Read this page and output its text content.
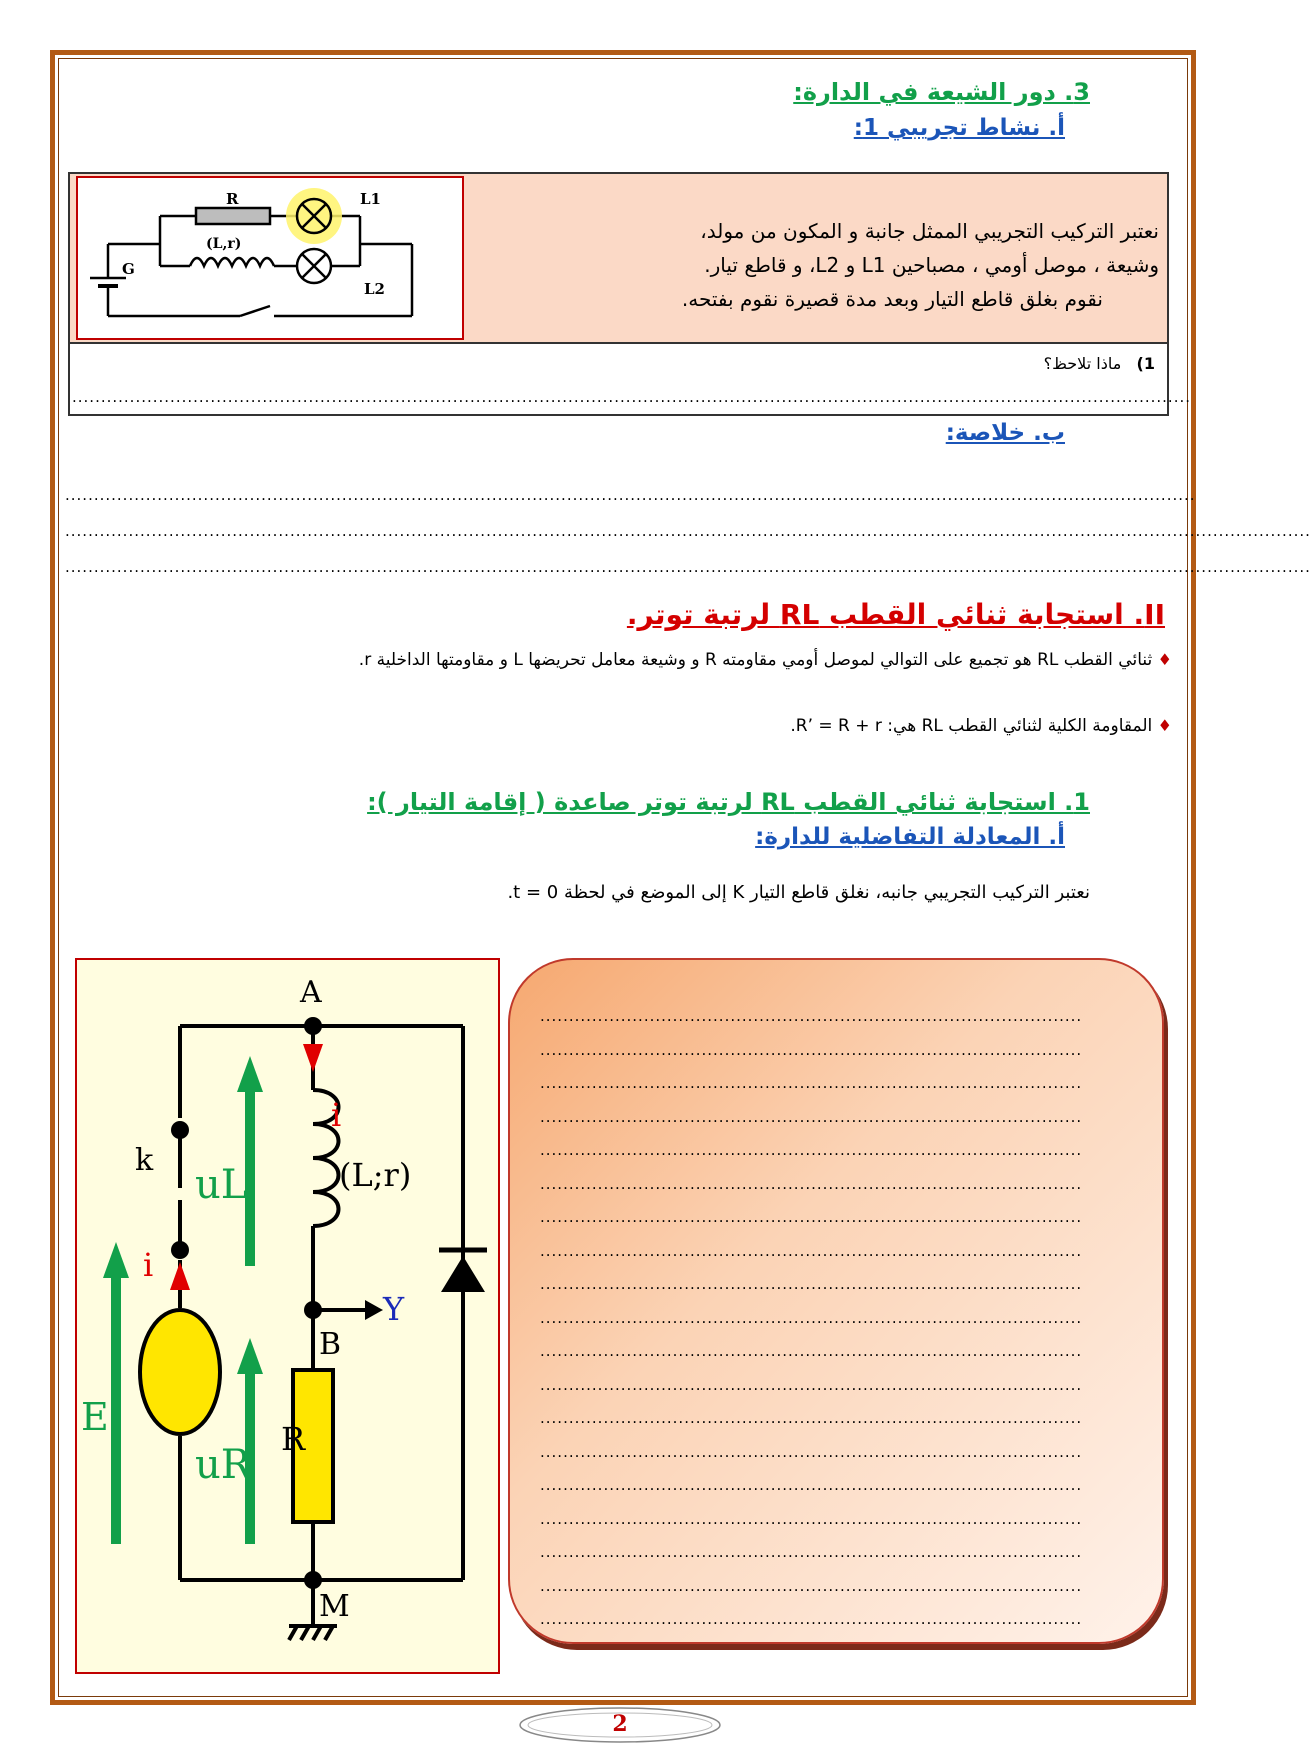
3. دور الشيعة في الدارة:
أ. نشاط تجريبي 1:
R	L1
(L,r)
L2
G
نعتبر التركيب التجريبي الممثل جانبة و المكون من مولد،
وشيعة ، موصل أومي ، مصباحين L1 و L2، و قاطع تيار.
نقوم بغلق قاطع التيار وبعد مدة قصيرة نقوم بفتحه.
1)   ماذا تلاحظ؟
..................................................................................................................................................................................................
ب. خلاصة:
....................................................................................................................................................................................................
........................................................................................................................................................................................................................
........................................................................................................................................................................................................................
II. استجابة ثنائي القطب RL لرتبة توتر.
♦ ثنائي القطب RL هو تجميع على التوالي لموصل أومي مقاومته R و وشيعة معامل تحريضها L و مقاومتها الداخلية r.
♦ المقاومة الكلية لثنائي القطب RL هي: R’ = R + r.
1. استجابة ثنائي القطب RL لرتبة توتر صاعدة ( إقامة التيار ):
أ. المعادلة التفاضلية للدارة:
نعتبر التركيب التجريبي جانبه، نغلق قاطع التيار K إلى الموضع في لحظة t = 0.
A
B
M
k
i
i
(L;r)
R
Y
E
uL
uR
..............................................................................................
..............................................................................................
..............................................................................................
..............................................................................................
..............................................................................................
..............................................................................................
..............................................................................................
..............................................................................................
..............................................................................................
..............................................................................................
..............................................................................................
..............................................................................................
..............................................................................................
..............................................................................................
..............................................................................................
..............................................................................................
..............................................................................................
..............................................................................................
..............................................................................................
2
